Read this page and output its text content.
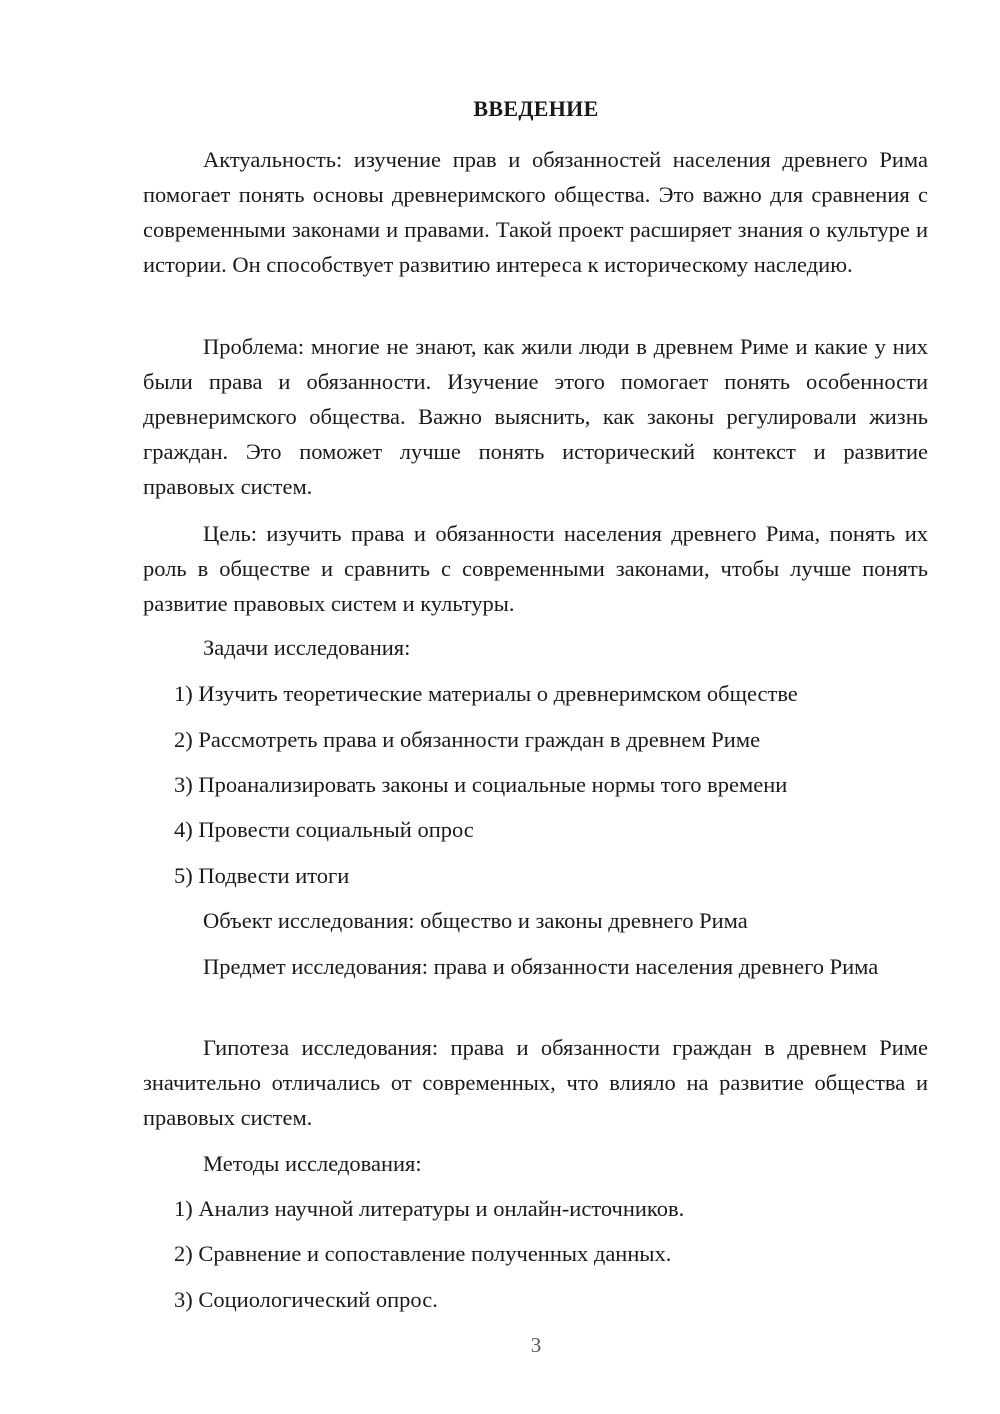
ВВЕДЕНИЕ

Актуальность: изучение прав и обязанностей населения древнего Рима помогает понять основы древнеримского общества. Это важно для сравнения с современными законами и правами. Такой проект расширяет знания о культуре и истории. Он способствует развитию интереса к историческому наследию.

Проблема: многие не знают, как жили люди в древнем Риме и какие у них были права и обязанности. Изучение этого помогает понять особенности древнеримского общества. Важно выяснить, как законы регулировали жизнь граждан. Это поможет лучше понять исторический контекст и развитие правовых систем.

Цель: изучить права и обязанности населения древнего Рима, понять их роль в обществе и сравнить с современными законами, чтобы лучше понять развитие правовых систем и культуры.

Задачи исследования:

1) Изучить теоретические материалы о древнеримском обществе

2) Рассмотреть права и обязанности граждан в древнем Риме

3) Проанализировать законы и социальные нормы того времени

4) Провести социальный опрос

5) Подвести итоги

Объект исследования: общество и законы древнего Рима

Предмет исследования: права и обязанности населения древнего Рима

Гипотеза исследования: права и обязанности граждан в древнем Риме значительно отличались от современных, что влияло на развитие общества и правовых систем.

Методы исследования:

1) Анализ научной литературы и онлайн-источников.

2) Сравнение и сопоставление полученных данных.

3) Социологический опрос.

3
